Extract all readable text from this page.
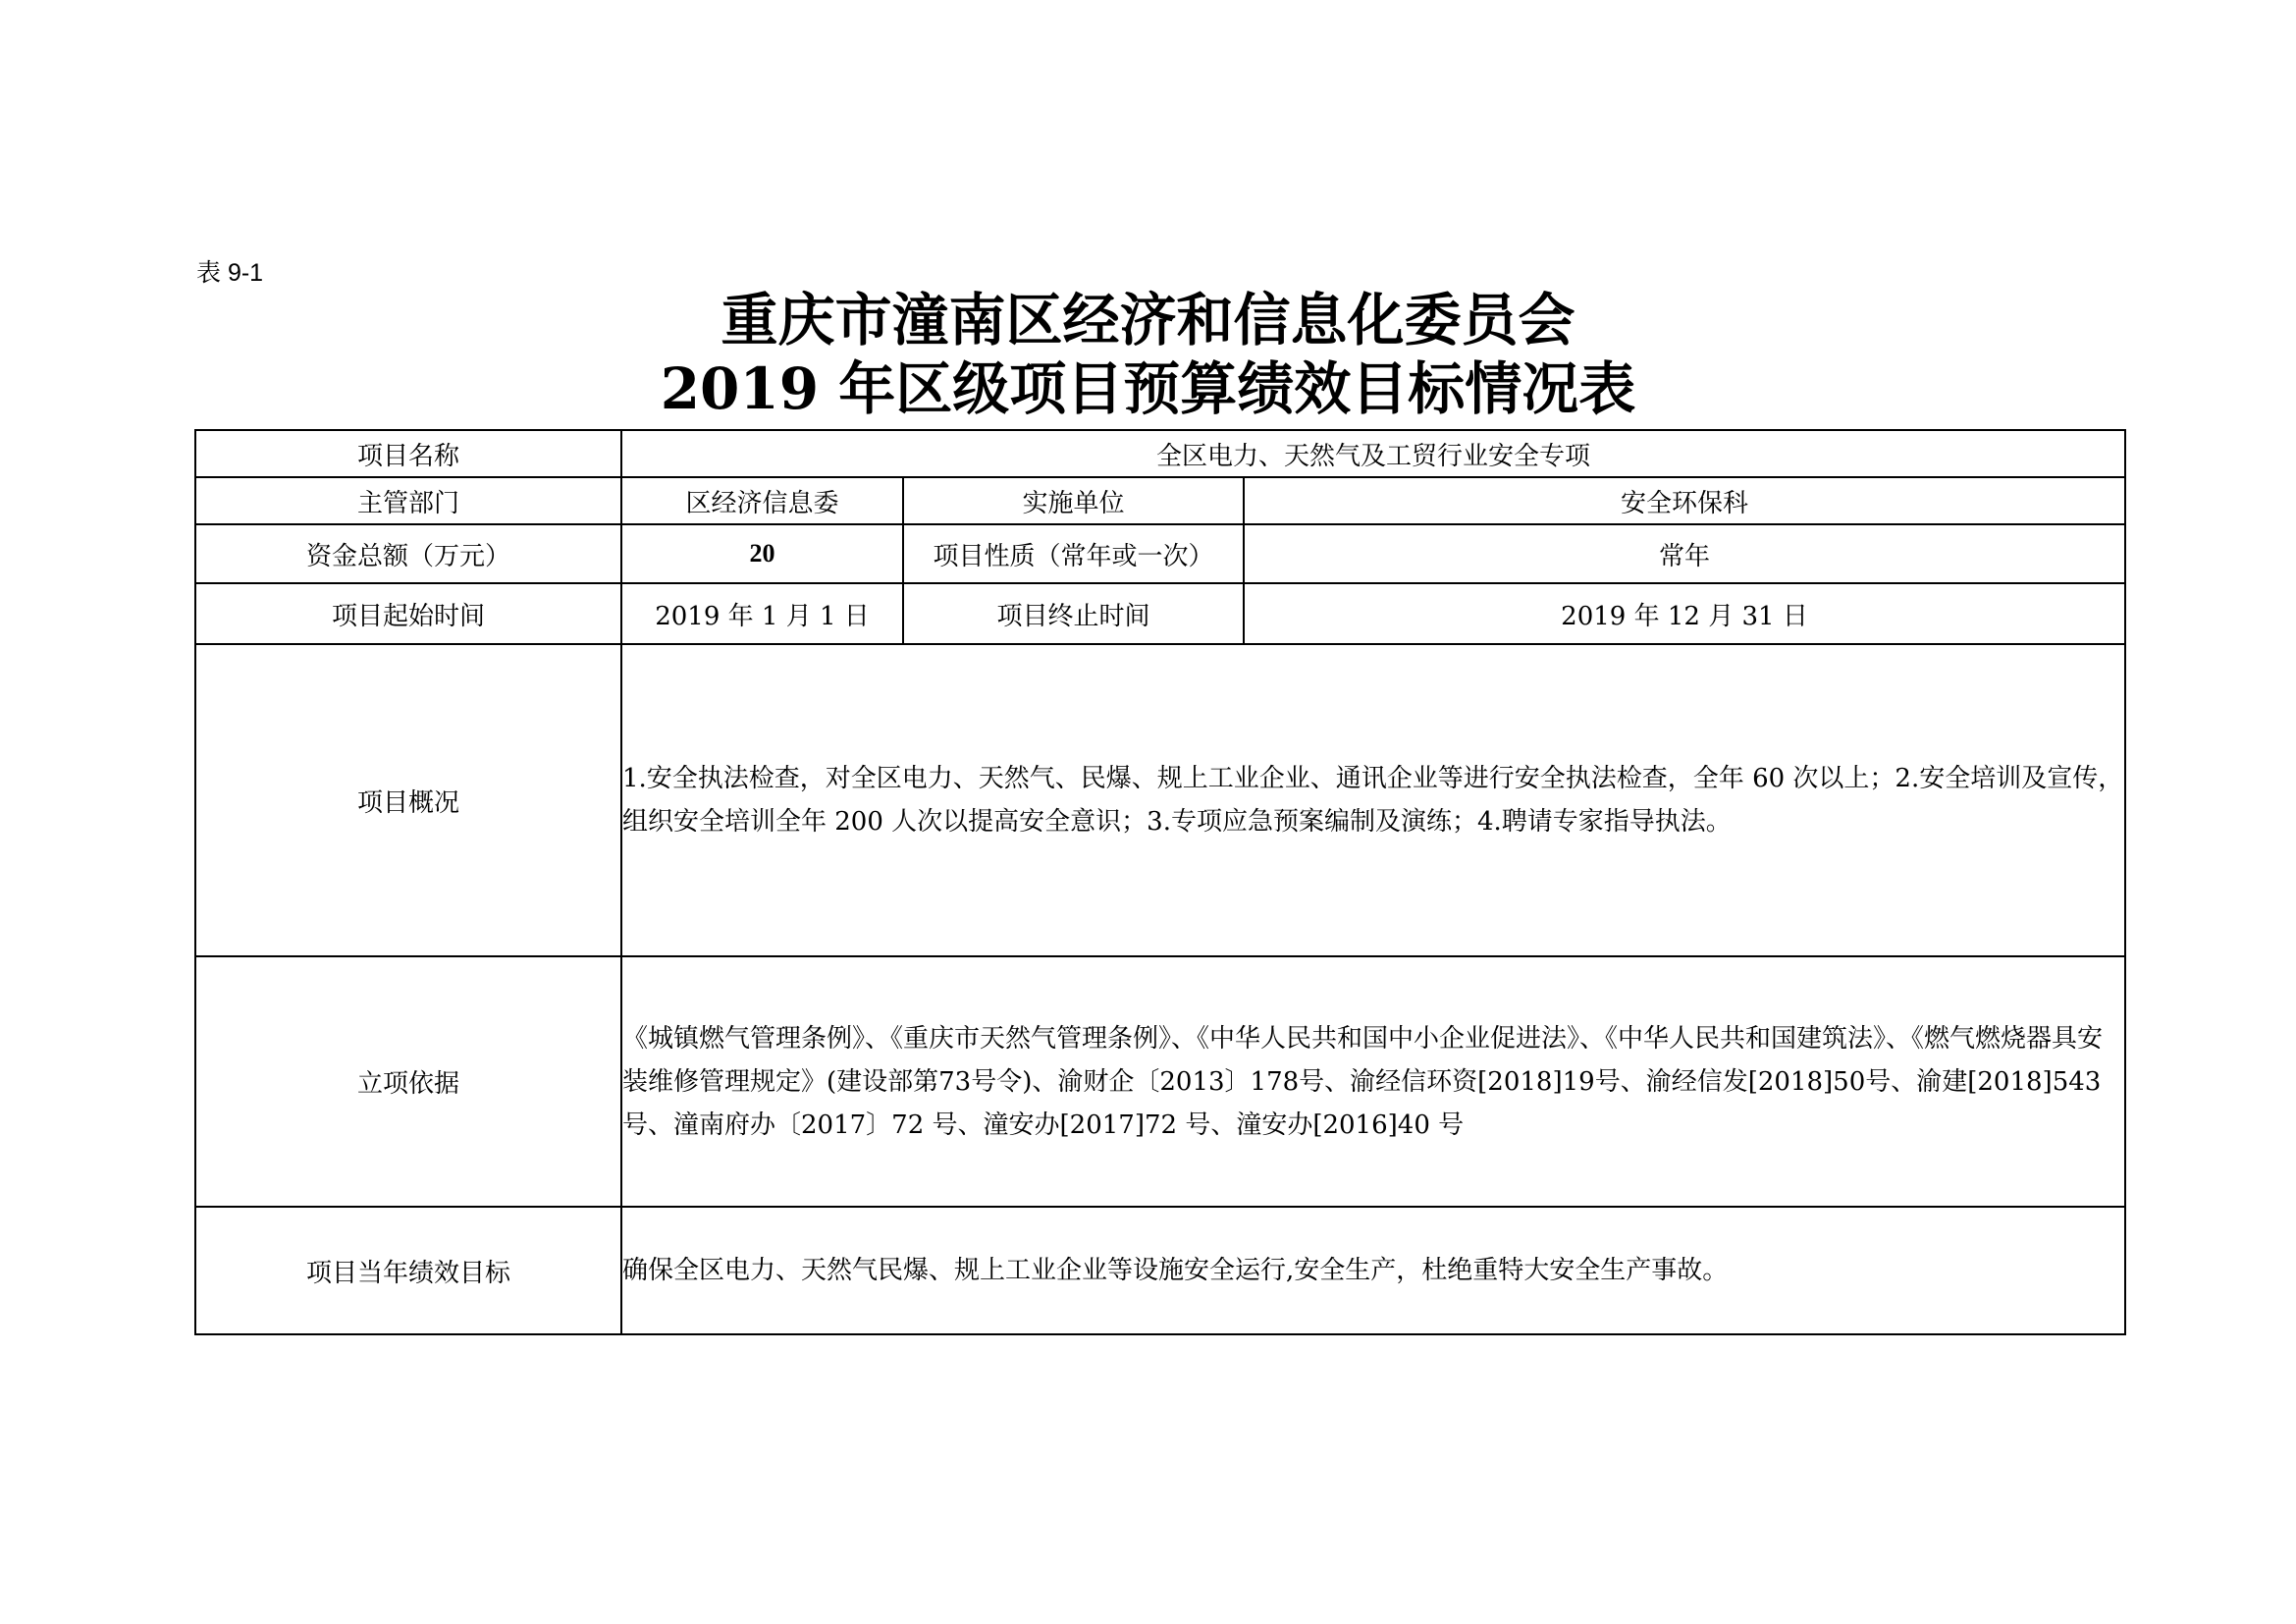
表 9-1
重庆市潼南区经济和信息化委员会
2019 年区级项目预算绩效目标情况表
项目名称	全区电力、天然气及工贸行业安全专项		
主管部门	区经济信息委	实施单位	安全环保科
资金总额（万元）	20	项目性质（常年或一次）	常年
项目起始时间	2019 年 1 月 1 日	项目终止时间	2019 年 12 月 31 日
项目概况	1.安全执法检查，对全区电力、天然气、民爆、规上工业企业、通讯企业等进行安全执法检查，全年 60 次以上；2.安全培训及宣传，组织安全培训全年 200 人次以提高安全意识；3.专项应急预案编制及演练；4.聘请专家指导执法。		
立项依据	《城镇燃气管理条例》、《重庆市天然气管理条例》、《中华人民共和国中小企业促进法》、《中华人民共和国建筑法》、《燃气燃烧器具安装维修管理规定》(建设部第73号令)、渝财企〔2013〕178号、渝经信环资[2018]19号、渝经信发[2018]50号、渝建[2018]543 号、潼南府办〔2017〕72 号、潼安办[2017]72 号、潼安办[2016]40 号		
项目当年绩效目标	确保全区电力、天然气民爆、规上工业企业等设施安全运行,安全生产，杜绝重特大安全生产事故。		
